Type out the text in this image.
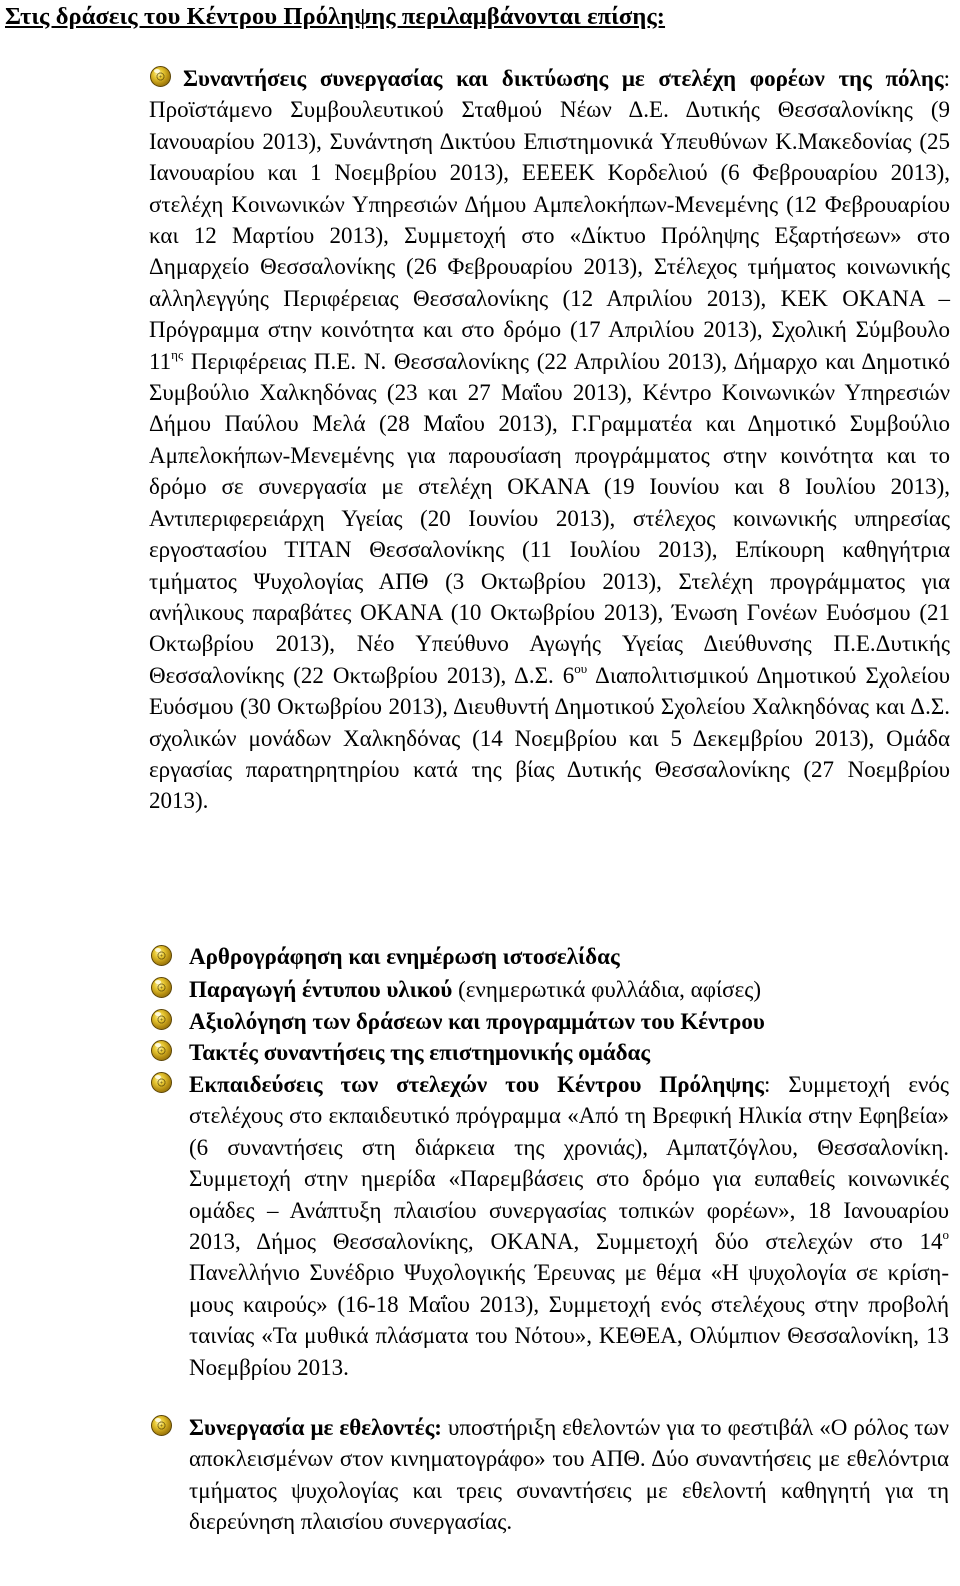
Στις δράσεις του Κέντρου Πρόληψης περιλαμβάνονται επίσης:

Συναντήσεις συνεργασίας και δικτύωσης με στελέχη φορέων της πόλης: Προϊστάμενο Συμβουλευτικού Σταθμού Νέων Δ.Ε. Δυτικής Θεσσαλονίκης (9 Ιανουαρίου 2013), Συνάντηση Δικτύου Επιστημονικά Υπευθύνων Κ.Μακεδονίας (25 Ιανουαρίου και 1 Νοεμβρίου 2013), ΕΕΕΕΚ Κορδελιού (6 Φεβρουαρίου 2013), στελέχη Κοινωνικών Υπηρεσιών Δήμου Αμπελοκήπων-Μενεμένης (12 Φεβρουαρίου και 12 Μαρτίου 2013), Συμμετοχή στο «Δίκτυο Πρόληψης Εξαρτήσεων» στο Δημαρχείο Θεσσαλονίκης (26 Φεβρουαρίου 2013), Στέλεχος τμήματος κοινωνικής αλληλεγγύης Περιφέρειας Θεσσαλονίκης (12 Απριλίου 2013), ΚΕΚ ΟΚΑΝΑ – Πρόγραμμα στην κοινότητα και στο δρόμο (17 Απριλίου 2013), Σχολική Σύμβουλο $11^{\eta\varsigma}$ Περιφέρειας Π.Ε. Ν. Θεσσαλονίκης (22 Απριλίου 2013), Δήμαρχο και Δημοτικό Συμβούλιο Χαλκηδόνας (23 και 27 Μαΐου 2013), Κέντρο Κοινωνικών Υπηρεσιών Δήμου Παύλου Μελά (28 Μαΐου 2013), Γ.Γραμματέα και Δημοτικό Συμβούλιο Αμπελοκήπων-Μενεμένης για παρουσίαση προγράμματος στην κοινότητα και το δρόμο σε συνεργασία με στελέχη ΟΚΑΝΑ (19 Ιουνίου και 8 Ιουλίου 2013), Αντιπεριφερειάρχη Υγείας (20 Ιουνίου 2013), στέλεχος κοινωνικής υπηρεσίας εργοστασίου ΤΙΤΑΝ Θεσσαλονίκης (11 Ιουλίου 2013), Επίκουρη καθηγήτρια τμήματος Ψυχολογίας ΑΠΘ (3 Οκτωβρίου 2013), Στελέχη προγράμματος για ανήλικους παραβάτες ΟΚΑΝΑ (10 Οκτωβρίου 2013), Ένωση Γονέων Ευόσμου (21 Οκτωβρίου 2013), Νέο Υπεύθυνο Αγωγής Υγείας Διεύθυνσης Π.Ε.Δυτικής Θεσσαλονίκης (22 Οκτωβρίου 2013), Δ.Σ. $6^{o\upsilon}$ Διαπολιτισμικού Δημοτικού Σχολείου Ευόσμου (30 Οκτωβρίου 2013), Διευθυντή Δημοτικού Σχολείου Χαλκηδόνας και Δ.Σ. σχολικών μονάδων Χαλκηδόνας (14 Νοεμβρίου και 5 Δεκεμβρίου 2013), Ομάδα εργασίας παρατηρητηρίου κατά της βίας Δυτικής Θεσσαλονίκης (27 Νοεμβρίου 2013).

Αρθρογράφηση και ενημέρωση ιστοσελίδας

Παραγωγή έντυπου υλικού (ενημερωτικά φυλλάδια, αφίσες)

Αξιολόγηση των δράσεων και προγραμμάτων του Κέντρου

Τακτές συναντήσεις της επιστημονικής ομάδας

Εκπαιδεύσεις των στελεχών του Κέντρου Πρόληψης: Συμμετοχή ενός στελέχους στο εκπαιδευτικό πρόγραμμα «Από τη Βρεφική Ηλικία στην Εφηβεία» (6 συναντήσεις στη διάρκεια της χρονιάς), Αμπατζόγλου, Θεσσαλονίκη. Συμμετοχή στην ημερίδα «Παρεμβάσεις στο δρόμο για ευπαθείς κοινωνικές ομάδες – Ανάπτυξη πλαισίου συνεργασίας τοπικών φορέων», 18 Ιανουαρίου 2013, Δήμος Θεσσαλονίκης, ΟΚΑΝΑ, Συμμετοχή δύο στελεχών στο $14^o$ Πανελλήνιο Συνέδριο Ψυχολογικής Έρευνας με θέμα «Η ψυχολογία σε κρίση-μους καιρούς» (16-18 Μαΐου 2013), Συμμετοχή ενός στελέχους στην προβολή ταινίας «Τα μυθικά πλάσματα του Νότου», ΚΕΘΕΑ, Ολύμπιον Θεσσαλονίκη, 13 Νοεμβρίου 2013.

Συνεργασία με εθελοντές: υποστήριξη εθελοντών για το φεστιβάλ «Ο ρόλος των αποκλεισμένων στον κινηματογράφο» του ΑΠΘ. Δύο συναντήσεις με εθελόντρια τμήματος ψυχολογίας και τρεις συναντήσεις με εθελοντή καθηγητή για τη διερεύνηση πλαισίου συνεργασίας.
